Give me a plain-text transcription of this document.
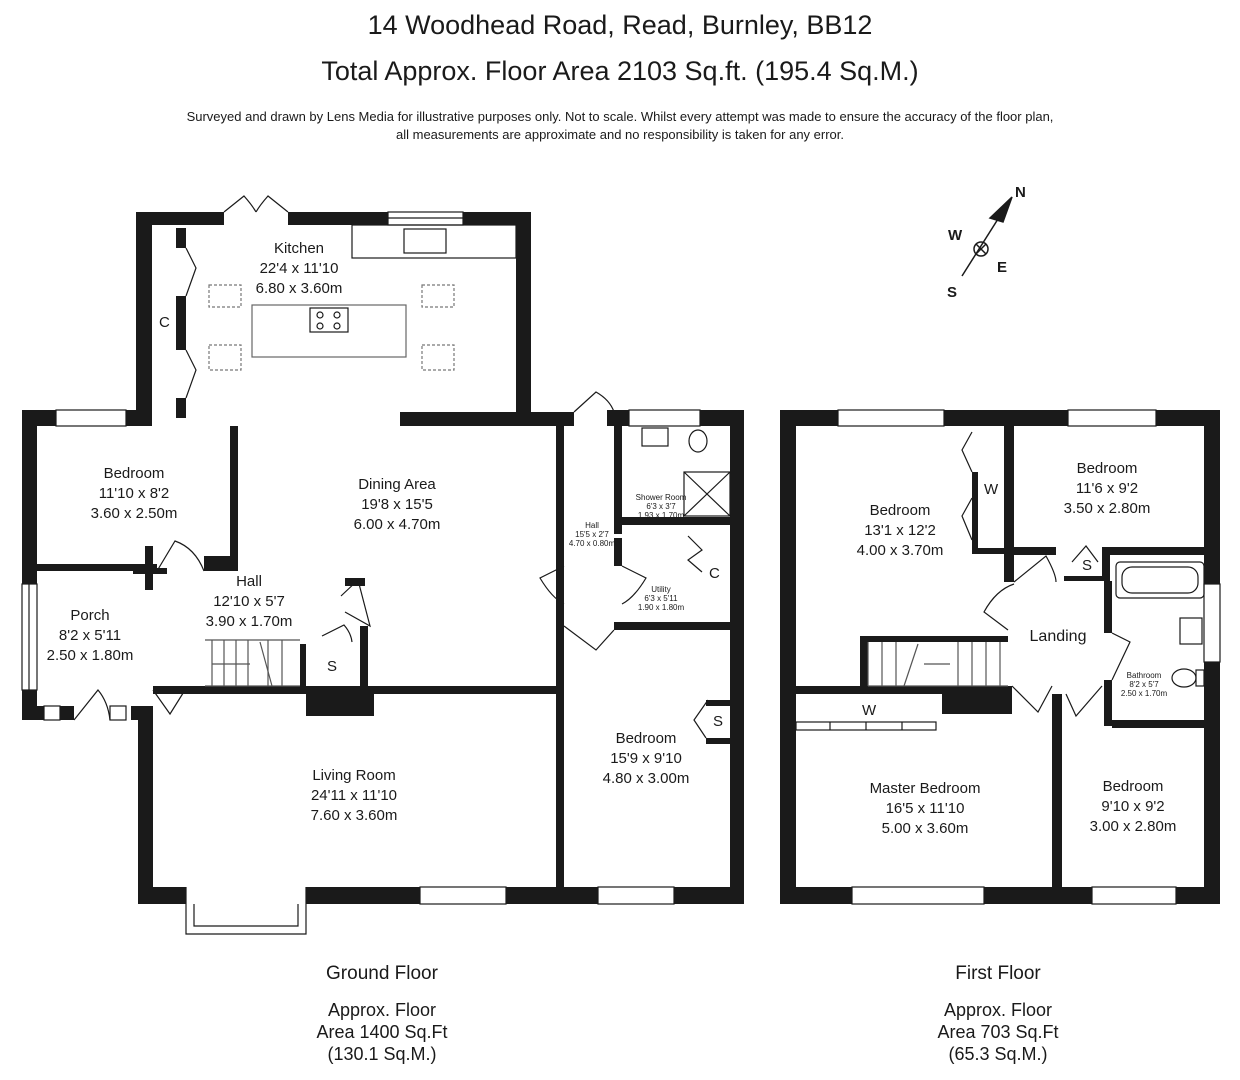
14 Woodhead Road, Read, Burnley, BB12
Total Approx. Floor Area 2103 Sq.ft. (195.4 Sq.M.)
Surveyed and drawn by Lens Media for illustrative purposes only. Not to scale. Whilst every attempt was made to ensure the accuracy of the floor plan,
all measurements are approximate and no responsibility is taken for any error.
N
E
S
W
Kitchen
22'4 x 11'10
6.80 x 3.60m
Dining Area
19'8 x 15'5
6.00 x 4.70m
Bedroom
11'10 x 8'2
3.60 x 2.50m
Porch
8'2 x 5'11
2.50 x 1.80m
Hall
12'10 x 5'7
3.90 x 1.70m
Living Room
24'11 x 11'10
7.60 x 3.60m
Bedroom
15'9 x 9'10
4.80 x 3.00m
Shower Room
6'3 x 3'7
1.93 x 1.70m
Hall
15'5 x 2'7
4.70 x 0.80m
Utility
6'3 x 5'11
1.90 x 1.80m
C
S
S
C
Bedroom
13'1 x 12'2
4.00 x 3.70m
Bedroom
11'6 x 9'2
3.50 x 2.80m
Landing
Bathroom
8'2 x 5'7
2.50 x 1.70m
Master Bedroom
16'5 x 11'10
5.00 x 3.60m
Bedroom
9'10 x 9'2
3.00 x 2.80m
W
W
S
Ground Floor
Approx. Floor
Area 1400 Sq.Ft
(130.1 Sq.M.)
First Floor
Approx. Floor
Area 703 Sq.Ft
(65.3 Sq.M.)
